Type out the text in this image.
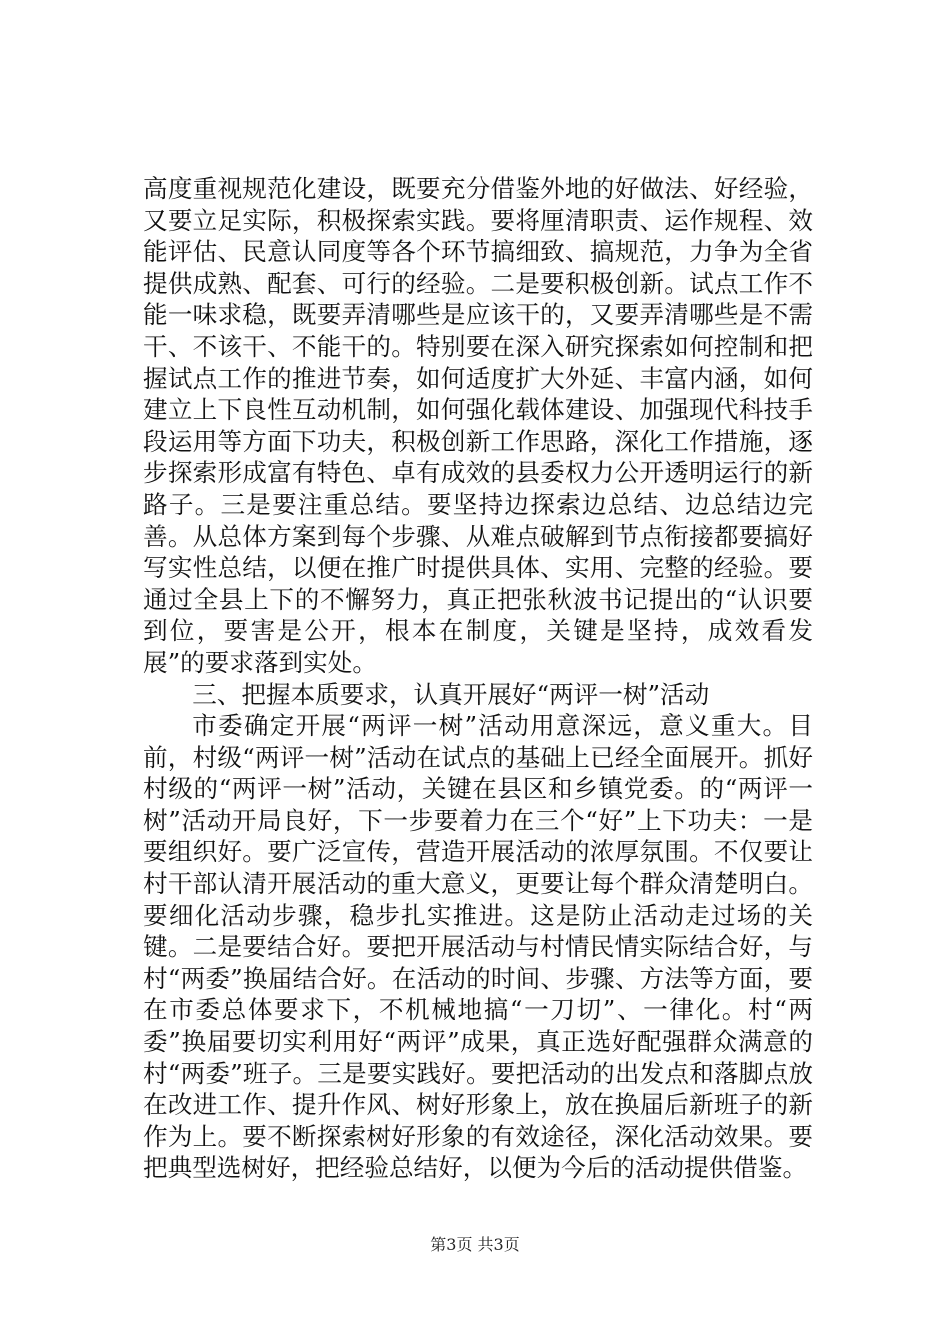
高度重视规范化建设，既要充分借鉴外地的好做法、好经验，又要立足实际，积极探索实践。要将厘清职责、运作规程、效能评估、民意认同度等各个环节搞细致、搞规范，力争为全省提供成熟、配套、可行的经验。二是要积极创新。试点工作不能一味求稳，既要弄清哪些是应该干的，又要弄清哪些是不需干、不该干、不能干的。特别要在深入研究探索如何控制和把握试点工作的推进节奏，如何适度扩大外延、丰富内涵，如何建立上下良性互动机制，如何强化载体建设、加强现代科技手段运用等方面下功夫，积极创新工作思路，深化工作措施，逐步探索形成富有特色、卓有成效的县委权力公开透明运行的新路子。三是要注重总结。要坚持边探索边总结、边总结边完善。从总体方案到每个步骤、从难点破解到节点衔接都要搞好写实性总结，以便在推广时提供具体、实用、完整的经验。要通过全县上下的不懈努力，真正把张秋波书记提出的“认识要到位，要害是公开，根本在制度，关键是坚持，成效看发展”的要求落到实处。

三、把握本质要求，认真开展好“两评一树”活动

市委确定开展“两评一树”活动用意深远，意义重大。目前，村级“两评一树”活动在试点的基础上已经全面展开。抓好村级的“两评一树”活动，关键在县区和乡镇党委。的“两评一树”活动开局良好，下一步要着力在三个“好”上下功夫：一是要组织好。要广泛宣传，营造开展活动的浓厚氛围。不仅要让村干部认清开展活动的重大意义，更要让每个群众清楚明白。要细化活动步骤，稳步扎实推进。这是防止活动走过场的关键。二是要结合好。要把开展活动与村情民情实际结合好，与村“两委”换届结合好。在活动的时间、步骤、方法等方面，要在市委总体要求下，不机械地搞“一刀切”、一律化。村“两委”换届要切实利用好“两评”成果，真正选好配强群众满意的村“两委”班子。三是要实践好。要把活动的出发点和落脚点放在改进工作、提升作风、树好形象上，放在换届后新班子的新作为上。要不断探索树好形象的有效途径，深化活动效果。要把典型选树好，把经验总结好，以便为今后的活动提供借鉴。

第3页 共3页
